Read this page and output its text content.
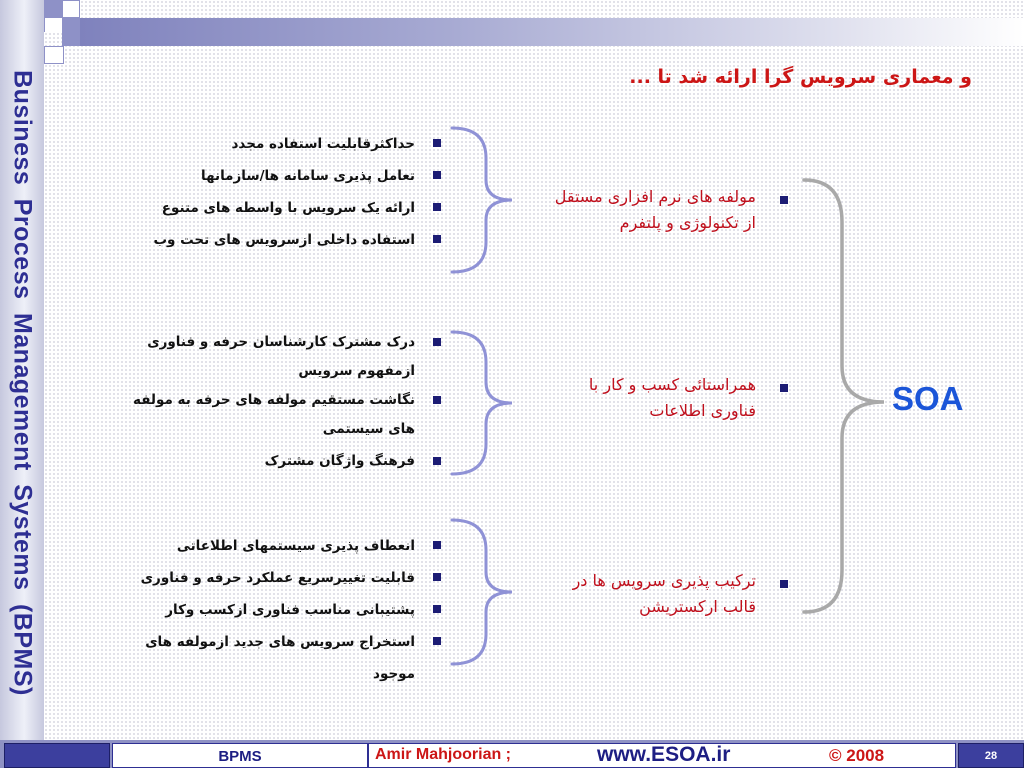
Business Process Management Systems (BPMS)	و معماری سرویس گرا ارائه شد تا ...
SOA
مولفه های نرم افزاری مستقل
از تکنولوژی و پلتفرم
همراستائی کسب و کار با
فناوری اطلاعات
ترکیب پذیری سرویس ها در
قالب ارکستریشن
حداکثرقابلیت استفاده مجدد
تعامل پذیری سامانه ها/سازمانها
ارائه یک سرویس با واسطه های متنوع
استفاده داخلی ازسرویس های تحت وب
درک مشترک کارشناسان حرفه و فناوری ازمفهوم سرویس
نگاشت مستقیم مولفه های حرفه به مولفه های سیستمی
فرهنگ واژگان مشترک
انعطاف پذیری سیستمهای اطلاعاتی
قابلیت تغییرسریع عملکرد حرفه و فناوری
پشتیبانی مناسب فناوری ازکسب وکار
استخراج سرویس های جدید ازمولفه های موجود
BPMS	Amir Mahjoorian ;	www.ESOA.ir	© 2008	28
